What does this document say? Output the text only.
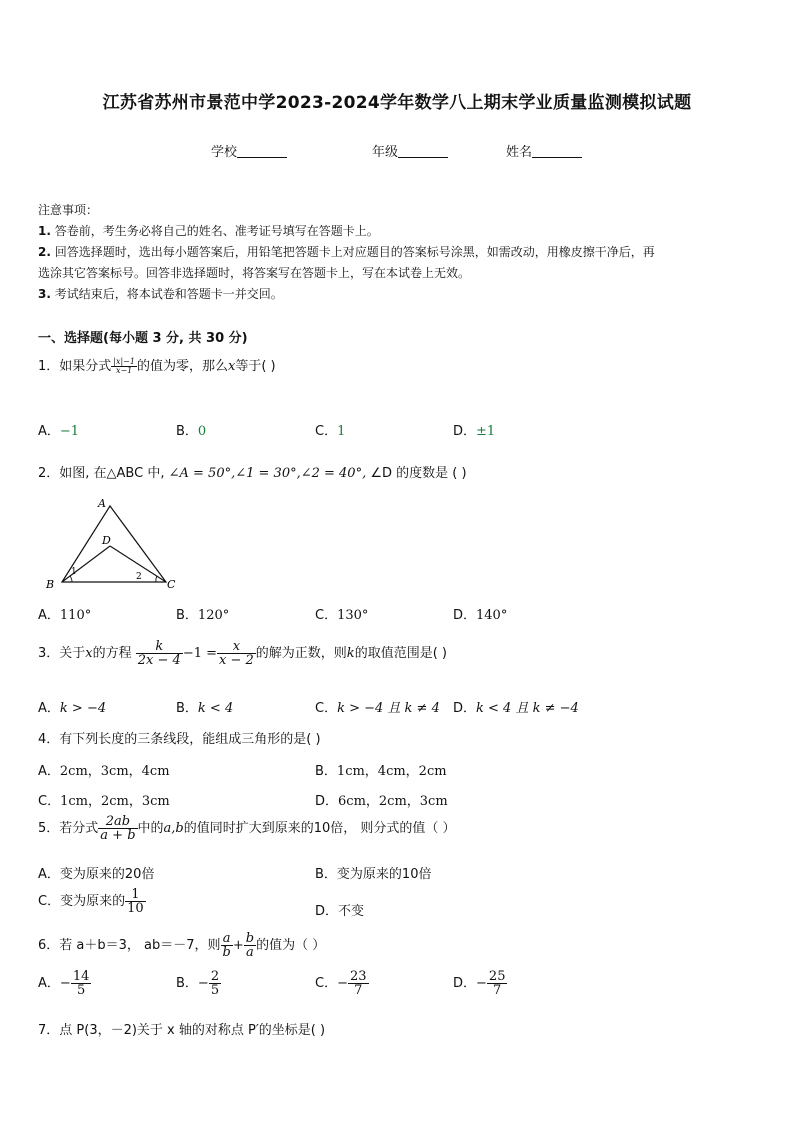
江苏省苏州市景范中学2023-2024学年数学八上期末学业质量监测模拟试题
学校	年级	姓名
注意事项：
1. 答卷前，考生务必将自己的姓名、准考证号填写在答题卡上。
2. 回答选择题时，选出每小题答案后，用铅笔把答题卡上对应题目的答案标号涂黑，如需改动，用橡皮擦干净后，再
选涂其它答案标号。回答非选择题时，将答案写在答题卡上，写在本试卷上无效。
3. 考试结束后，将本试卷和答题卡一并交回。
一、选择题(每小题 3 分, 共 30 分)
1．如果分式 $\frac{|x|-1}{x-1}$ 的值为零，那么x等于( )
A．−1	B．0	C．1	D．±1
2．如图, 在△ABC 中, ∠A = 50°,∠1 = 30°,∠2 = 40°, ∠D 的度数是 ( )
A
D
B	C
1	2
A．110°	B．120°	C．130°	D．140°
3．关于x的方程 $\frac{k}{2x - 4} -1 = \frac{x}{x - 2}$ 的解为正数，则k的取值范围是( )
A．k > −4	B．k < 4	C．k > −4 且 k ≠ 4 D．k < 4 且 k ≠ −4
4．有下列长度的三条线段，能组成三角形的是( )
A．2cm，3cm，4cm	B．1cm，4cm，2cm
C．1cm，2cm，3cm	D．6cm，2cm，3cm
5．若分式 $\frac{2ab}{a + b}$ 中的a,b的值同时扩大到原来的10倍， 则分式的值（ ）
A．变为原来的20倍	B．变为原来的10倍
C．变为原来的 $\frac{1}{10}$	D．不变
6．若 a＋b＝3， ab＝－7，则 $\frac{a}{b} + \frac{b}{a}$ 的值为（ ）
A．− $\frac{14}{5}$	B．− $\frac{2}{5}$	C．− $\frac{23}{7}$	D．− $\frac{25}{7}$
7．点 P(3，－2)关于 x 轴的对称点 P′的坐标是( )
